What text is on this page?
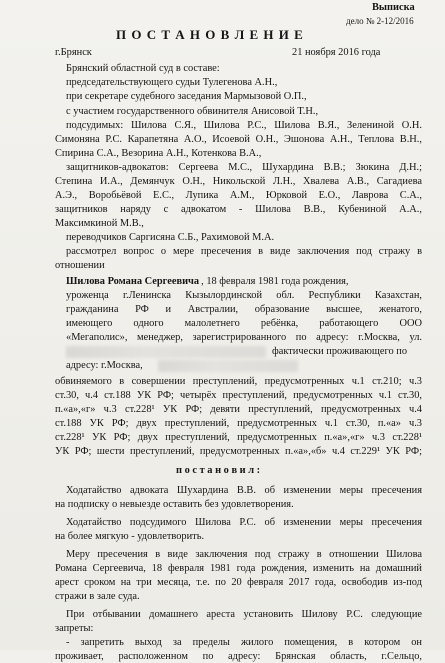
Выписка
дело № 2-12/2016
П О С Т А Н О В Л Е Н И Е
г.Брянск	21 ноября 2016 года
Брянский областной суд в составе:
председательствующего судьи Тулегенова А.Н.,
при секретаре судебного заседания Мармызовой О.П.,
с участием государственного обвинителя Анисовой Т.Н.,
подсудимых: Шилова С.Я., Шилова Р.С., Шилова В.Я., Зелениной О.Н.
Симоняна Р.С. Карапетяна А.О., Исоевой О.Н., Эшонова А.Н., Теплова В.Н.,
Спирина С.А., Везорина А.Н., Котенкова В.А.,
защитников-адвокатов: Сергеева М.С., Шухардина В.В.; Зюкина Д.Н.;
Степина И.А., Демянчук О.Н., Никольской Л.Н., Хвалева А.В., Сагадиева
А.Э., Воробьёвой Е.С., Лупика А.М., Юрковой Е.О., Лаврова С.А.,
защитников наряду с адвокатом - Шилова В.В., Кубениной А.А.,
Максимкиной М.В.,
переводчиков Саргисяна С.Б., Рахимовой М.А.
рассмотрел вопрос о мере пресечения в виде заключения под стражу в
отношении
Шилова Романа Сергеевича , 18 февраля 1981 года рождения,
уроженца г.Ленинска Кызылординской обл. Республики Казахстан,
гражданина РФ и Австралии, образование высшее, женатого,
имеющего одного малолетнего ребёнка, работающего ООО
«Мегаполис», менеджер, зарегистрированного по адресу: г.Москва, ул.
фактически проживающего по
адресу: г.Москва,
обвиняемого в совершении преступлений, предусмотренных ч.1 ст.210; ч.3
ст.30, ч.4 ст.188 УК РФ; четырёх преступлений, предусмотренных ч.1 ст.30,
п.«а»,«г» ч.3 ст.228¹ УК РФ; девяти преступлений, предусмотренных ч.4
ст.188 УК РФ; двух преступлений, предусмотренных ч.1 ст.30, п.«а» ч.3
ст.228¹ УК РФ; двух преступлений, предусмотренных п.«а»,«г» ч.3 ст.228¹
УК РФ; шести преступлений, предусмотренных п.«а»,«б» ч.4 ст.229¹ УК РФ;
п о с т а н о в и л :
Ходатайство адвоката Шухардина В.В. об изменении меры пресечения
на подписку о невыезде оставить без удовлетворения.
Ходатайство подсудимого Шилова Р.С. об изменении меры пресечения
на более мягкую - удовлетворить.
Меру пресечения в виде заключения под стражу в отношении Шилова
Романа Сергеевича, 18 февраля 1981 года рождения, изменить на домашний
арест сроком на три месяца, т.е. по 20 февраля 2017 года, освободив из-под
стражи в зале суда.
При отбывании домашнего ареста установить Шилову Р.С. следующие
запреты:
- запретить выход за пределы жилого помещения, в котором он
проживает, расположенном по адресу: Брянская область, г.Сельцо,
